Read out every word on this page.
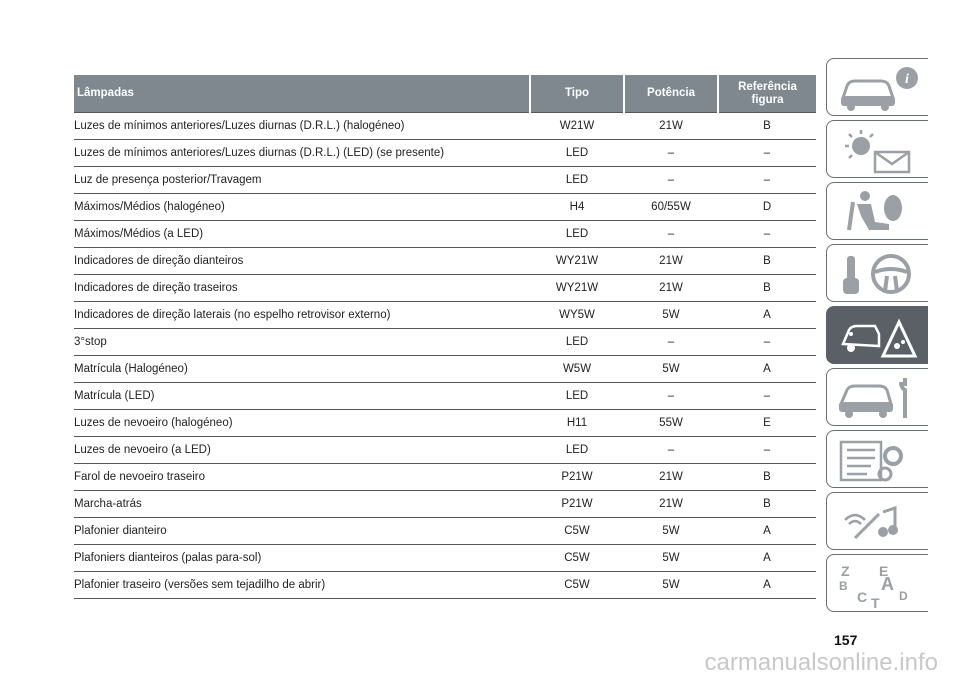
Lâmpadas	Tipo	Potência	Referência figura
Luzes de mínimos anteriores/Luzes diurnas (D.R.L.) (halogéneo)	W21W	21W	B
Luzes de mínimos anteriores/Luzes diurnas (D.R.L.) (LED) (se presente)	LED	–	–
Luz de presença posterior/Travagem	LED	–	–
Máximos/Médios (halogéneo)	H4	60/55W	D
Máximos/Médios (a LED)	LED	–	–
Indicadores de direção dianteiros	WY21W	21W	B
Indicadores de direção traseiros	WY21W	21W	B
Indicadores de direção laterais (no espelho retrovisor externo)	WY5W	5W	A
3°stop	LED	–	–
Matrícula (Halogéneo)	W5W	5W	A
Matrícula (LED)	LED	–	–
Luzes de nevoeiro (halogéneo)	H11	55W	E
Luzes de nevoeiro (a LED)	LED	–	–
Farol de nevoeiro traseiro	P21W	21W	B
Marcha-atrás	P21W	21W	B
Plafonier dianteiro	C5W	5W	A
Plafoniers dianteiros (palas para-sol)	C5W	5W	A
Plafonier traseiro (versões sem tejadilho de abrir)	C5W	5W	A
i
Z E
B A
C	D
T
157
carmanualsonline.info
